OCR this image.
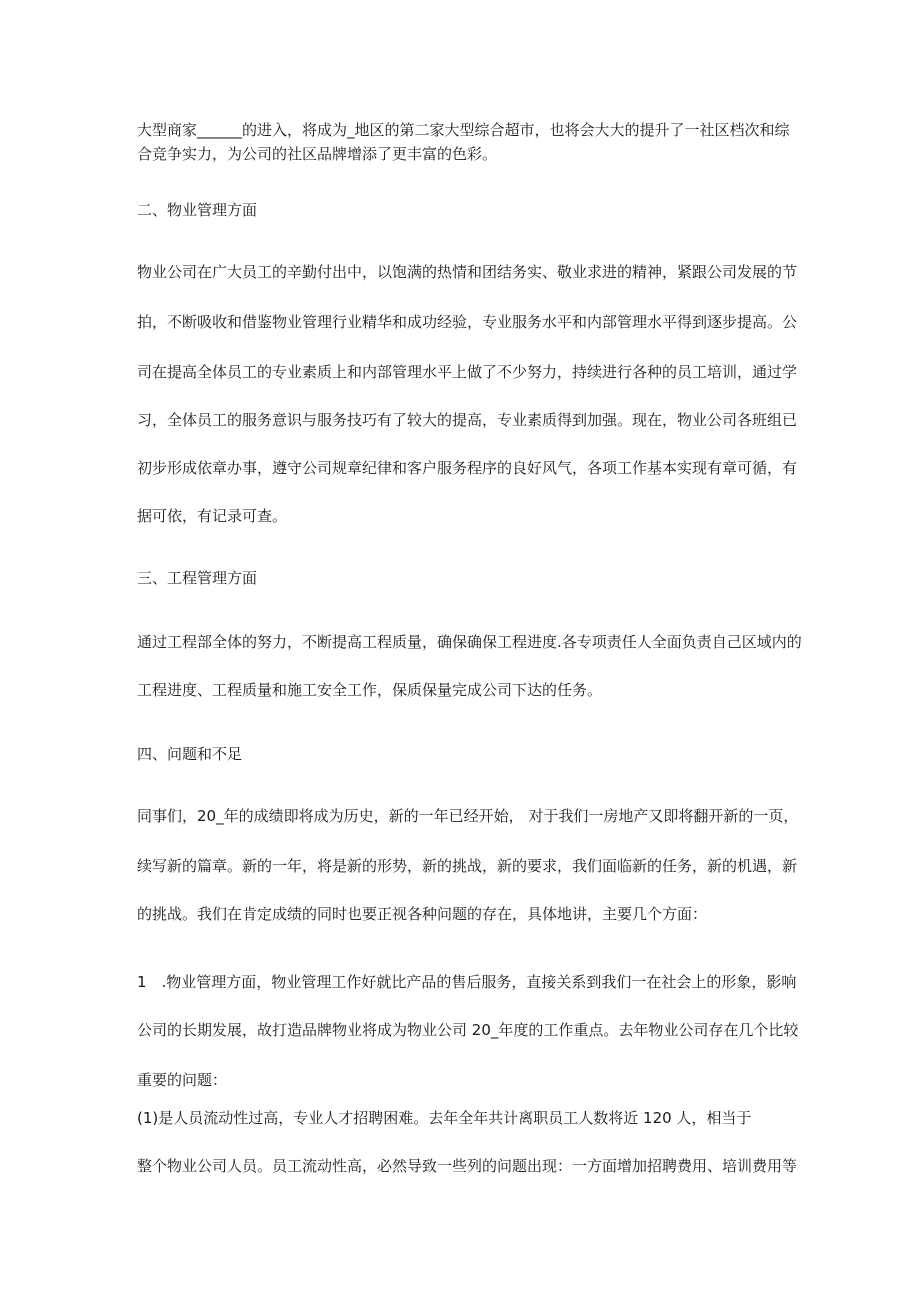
大型商家______的进入，将成为_地区的第二家大型综合超市，也将会大大的提升了一社区档次和综

合竞争实力，为公司的社区品牌增添了更丰富的色彩。

二、物业管理方面

物业公司在广大员工的辛勤付出中，以饱满的热情和团结务实、敬业求进的精神，紧跟公司发展的节

拍，不断吸收和借鉴物业管理行业精华和成功经验，专业服务水平和内部管理水平得到逐步提高。公

司在提高全体员工的专业素质上和内部管理水平上做了不少努力，持续进行各种的员工培训，通过学

习，全体员工的服务意识与服务技巧有了较大的提高，专业素质得到加强。现在，物业公司各班组已

初步形成依章办事，遵守公司规章纪律和客户服务程序的良好风气，各项工作基本实现有章可循，有

据可依，有记录可查。

三、工程管理方面

通过工程部全体的努力，不断提高工程质量，确保确保工程进度.各专项责任人全面负责自己区域内的

工程进度、工程质量和施工安全工作，保质保量完成公司下达的任务。

四、问题和不足

同事们，20_年的成绩即将成为历史，新的一年已经开始， 对于我们一房地产又即将翻开新的一页，

续写新的篇章。新的一年，将是新的形势，新的挑战，新的要求，我们面临新的任务，新的机遇，新

的挑战。我们在肯定成绩的同时也要正视各种问题的存在，具体地讲，主要几个方面：

1　.物业管理方面，物业管理工作好就比产品的售后服务，直接关系到我们一在社会上的形象，影响

公司的长期发展，故打造品牌物业将成为物业公司 20_年度的工作重点。去年物业公司存在几个比较

重要的问题：

(1)是人员流动性过高，专业人才招聘困难。去年全年共计离职员工人数将近 120 人，相当于

整个物业公司人员。员工流动性高，必然导致一些列的问题出现：一方面增加招聘费用、培训费用等
